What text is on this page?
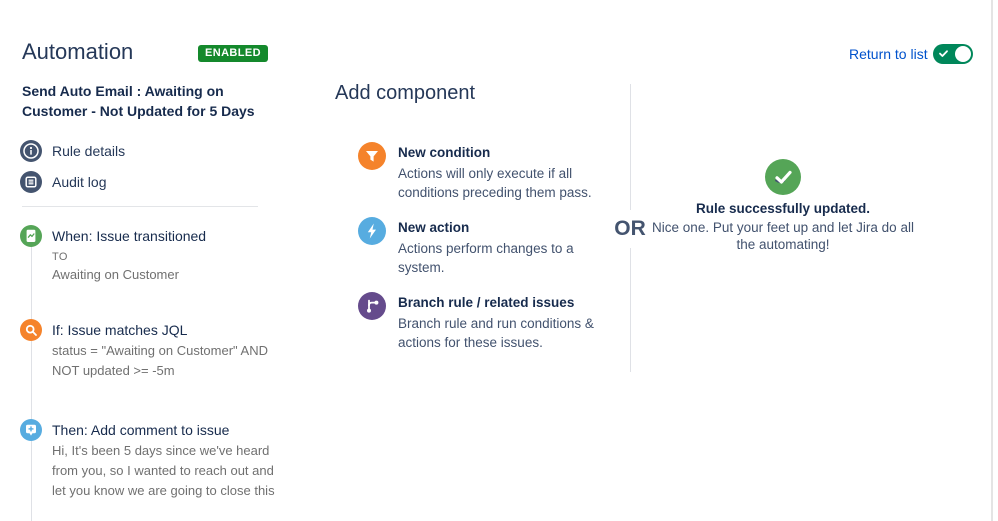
Automation	ENABLED	Return to list
Send Auto Email : Awaiting on Customer - Not Updated for 5 Days
Rule details
Audit log
When: Issue transitioned
TO
Awaiting on Customer
If: Issue matches JQL
status = "Awaiting on Customer" AND
NOT updated >= -5m
Then: Add comment to issue
Hi, It's been 5 days since we've heard
from you, so I wanted to reach out and
let you know we are going to close this
Add component
New condition
Actions will only execute if all conditions preceding them pass.
New action
Actions perform changes to a system.
Branch rule / related issues
Branch rule and run conditions & actions for these issues.
OR
Rule successfully updated.
Nice one. Put your feet up and let Jira do all
the automating!
